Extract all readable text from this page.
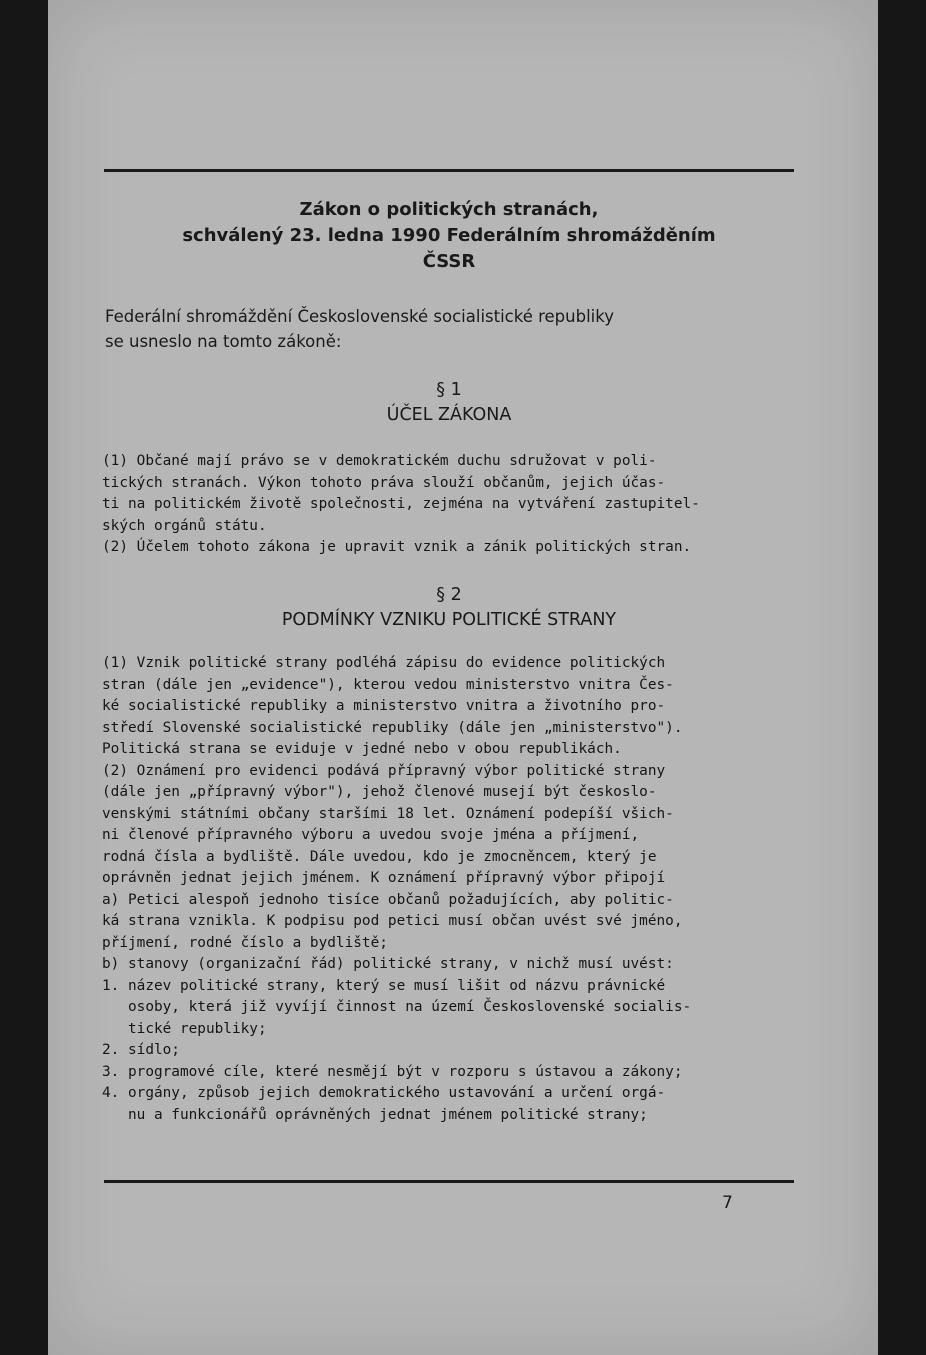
Zákon o politických stranách,
schválený 23. ledna 1990 Federálním shromážděním
ČSSR

Federální shromáždění Československé socialistické republiky
se usneslo na tomto zákoně:

§ 1
ÚČEL ZÁKONA

(1) Občané mají právo se v demokratickém duchu sdružovat v poli-
tických stranách. Výkon tohoto práva slouží občanům, jejich účas-
ti na politickém životě společnosti, zejména na vytváření zastupitel-
ských orgánů státu.

(2) Účelem tohoto zákona je upravit vznik a zánik politických stran.

§ 2
PODMÍNKY VZNIKU POLITICKÉ STRANY

(1) Vznik politické strany podléhá zápisu do evidence politických
stran (dále jen „evidence"), kterou vedou ministerstvo vnitra Čes-
ké socialistické republiky a ministerstvo vnitra a životního pro-
středí Slovenské socialistické republiky (dále jen „ministerstvo").
Politická strana se eviduje v jedné nebo v obou republikách.
(2) Oznámení pro evidenci podává přípravný výbor politické strany
(dále jen „přípravný výbor"), jehož členové musejí být českoslo-
venskými státními občany staršími 18 let. Oznámení podepíší všich-
ni členové přípravného výboru a uvedou svoje jména a příjmení,
rodná čísla a bydliště. Dále uvedou, kdo je zmocněncem, který je
oprávněn jednat jejich jménem. K oznámení přípravný výbor připojí
a) Petici alespoň jednoho tisíce občanů požadujících, aby politic-
ká strana vznikla. K podpisu pod petici musí občan uvést své jméno,
příjmení, rodné číslo a bydliště;
b) stanovy (organizační řád) politické strany, v nichž musí uvést:
1. název politické strany, který se musí lišit od názvu právnické
osoby, která již vyvíjí činnost na území Československé socialis-
tické republiky;
2. sídlo;
3. programové cíle, které nesmějí být v rozporu s ústavou a zákony;
4. orgány, způsob jejich demokratického ustavování a určení orgá-
nu a funkcionářů oprávněných jednat jménem politické strany;

7
